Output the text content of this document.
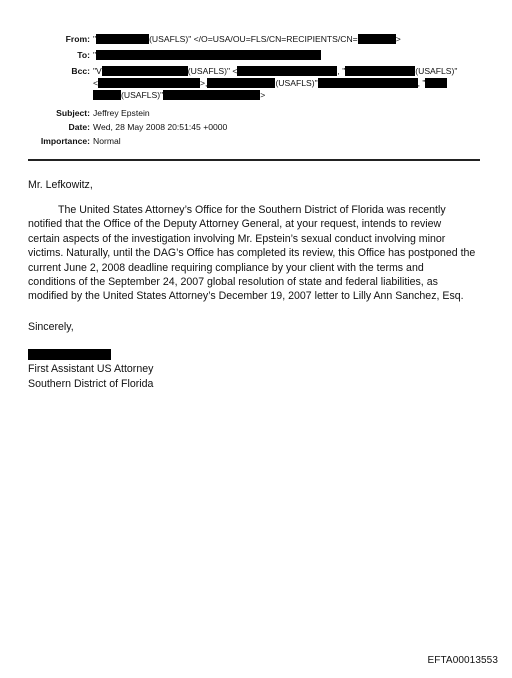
From: "	(USAFLS)" </O=USA/OU=FLS/CN=RECIPIENTS/CN=	>
To: "
Bcc: "V	(USAFLS)" <	, "	(USAFLS)"
<	>,	(USAFLS)"	, "
(USAFLS)"	>
Subject: Jeffrey Epstein
Date: Wed, 28 May 2008 20:51:45 +0000
Importance: Normal
Mr. Lefkowitz,
The United States Attorney’s Office for the Southern District of Florida was recently
notified that the Office of the Deputy Attorney General, at your request, intends to review
certain aspects of the investigation involving Mr. Epstein’s sexual conduct involving minor
victims. Naturally, until the DAG’s Office has completed its review, this Office has postponed the
current June 2, 2008 deadline requiring compliance by your client with the terms and
conditions of the September 24, 2007 global resolution of state and federal liabilities, as
modified by the United States Attorney’s December 19, 2007 letter to Lilly Ann Sanchez, Esq.
Sincerely,
First Assistant US Attorney
Southern District of Florida
EFTA00013553
